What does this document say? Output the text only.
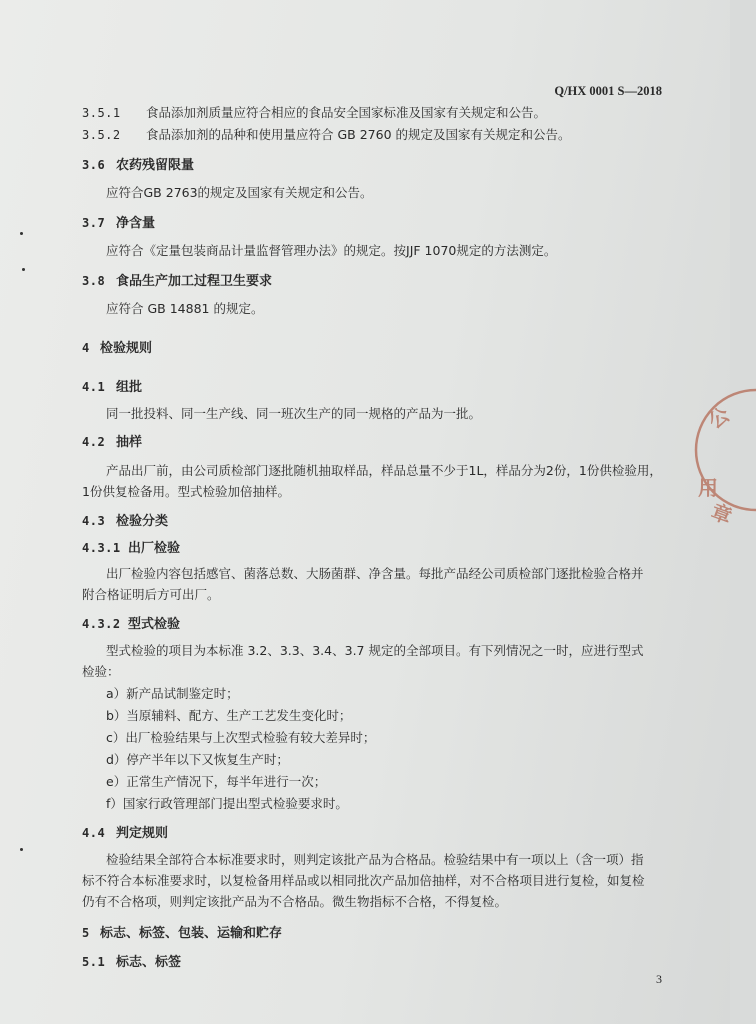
Q/HX 0001 S—2018
3.5.1 食品添加剂质量应符合相应的食品安全国家标准及国家有关规定和公告。
3.5.2 食品添加剂的品种和使用量应符合 GB 2760 的规定及国家有关规定和公告。
3.6 农药残留限量
应符合GB 2763的规定及国家有关规定和公告。
3.7 净含量
应符合《定量包装商品计量监督管理办法》的规定。按JJF 1070规定的方法测定。
3.8 食品生产加工过程卫生要求
应符合 GB 14881 的规定。
4 检验规则
4.1 组批
同一批投料、同一生产线、同一班次生产的同一规格的产品为一批。
4.2 抽样
产品出厂前，由公司质检部门逐批随机抽取样品，样品总量不少于1L，样品分为2份，1份供检验用，
1份供复检备用。型式检验加倍抽样。
4.3 检验分类
4.3.1 出厂检验
出厂检验内容包括感官、菌落总数、大肠菌群、净含量。每批产品经公司质检部门逐批检验合格并
附合格证明后方可出厂。
4.3.2 型式检验
型式检验的项目为本标准 3.2、3.3、3.4、3.7 规定的全部项目。有下列情况之一时，应进行型式
检验：
a）新产品试制鉴定时；
b）当原辅料、配方、生产工艺发生变化时；
c）出厂检验结果与上次型式检验有较大差异时；
d）停产半年以下又恢复生产时；
e）正常生产情况下，每半年进行一次；
f）国家行政管理部门提出型式检验要求时。
4.4 判定规则
检验结果全部符合本标准要求时，则判定该批产品为合格品。检验结果中有一项以上（含一项）指
标不符合本标准要求时，以复检备用样品或以相同批次产品加倍抽样，对不合格项目进行复检，如复检
仍有不合格项，则判定该批产品为不合格品。微生物指标不合格，不得复检。
5 标志、标签、包装、运输和贮存
5.1 标志、标签
3
公
用
章
